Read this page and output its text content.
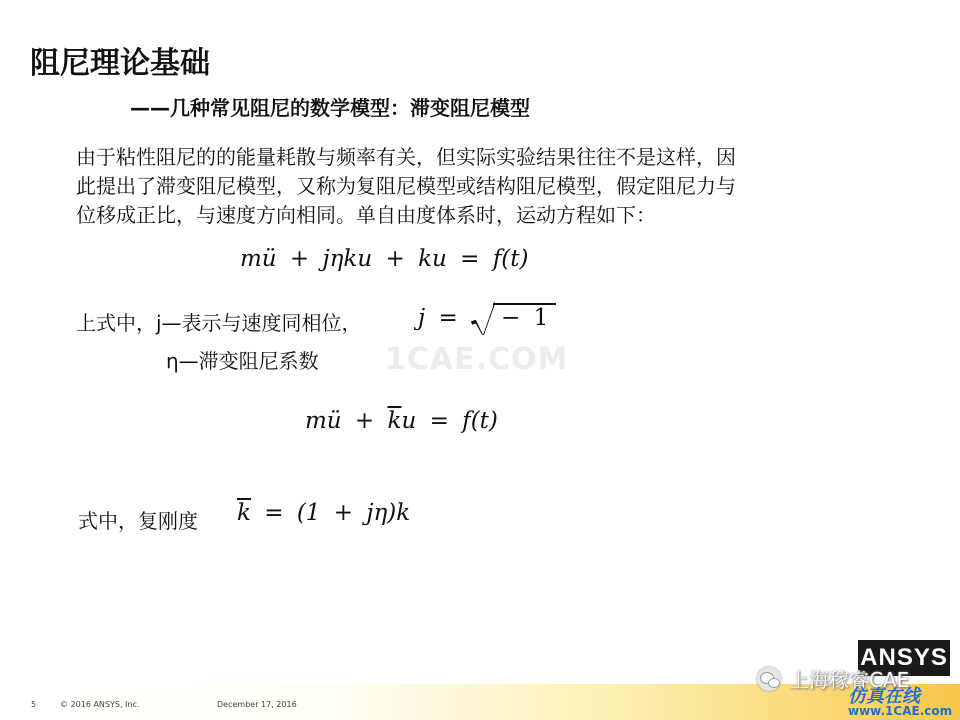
阻尼理论基础
——几种常见阻尼的数学模型：滞变阻尼模型
由于粘性阻尼的的能量耗散与频率有关，但实际实验结果往往不是这样，因
此提出了滞变阻尼模型，又称为复阻尼模型或结构阻尼模型，假定阻尼力与
位移成正比，与速度方向相同。单自由度体系时，运动方程如下：
mü + jηku + ku = f(t)
上式中，j—表示与速度同相位， j = − 1
η—滞变阻尼系数 1CAE.COM
mü + $\overline{k}u = f(t)$
式中，复刚度 $\overline{k} = (1 + j\eta)k$
5	© 2016 ANSYS, Inc.	December 17, 2016
ANSYS
上海稼睿CAE
仿真在线
www.1CAE.com
